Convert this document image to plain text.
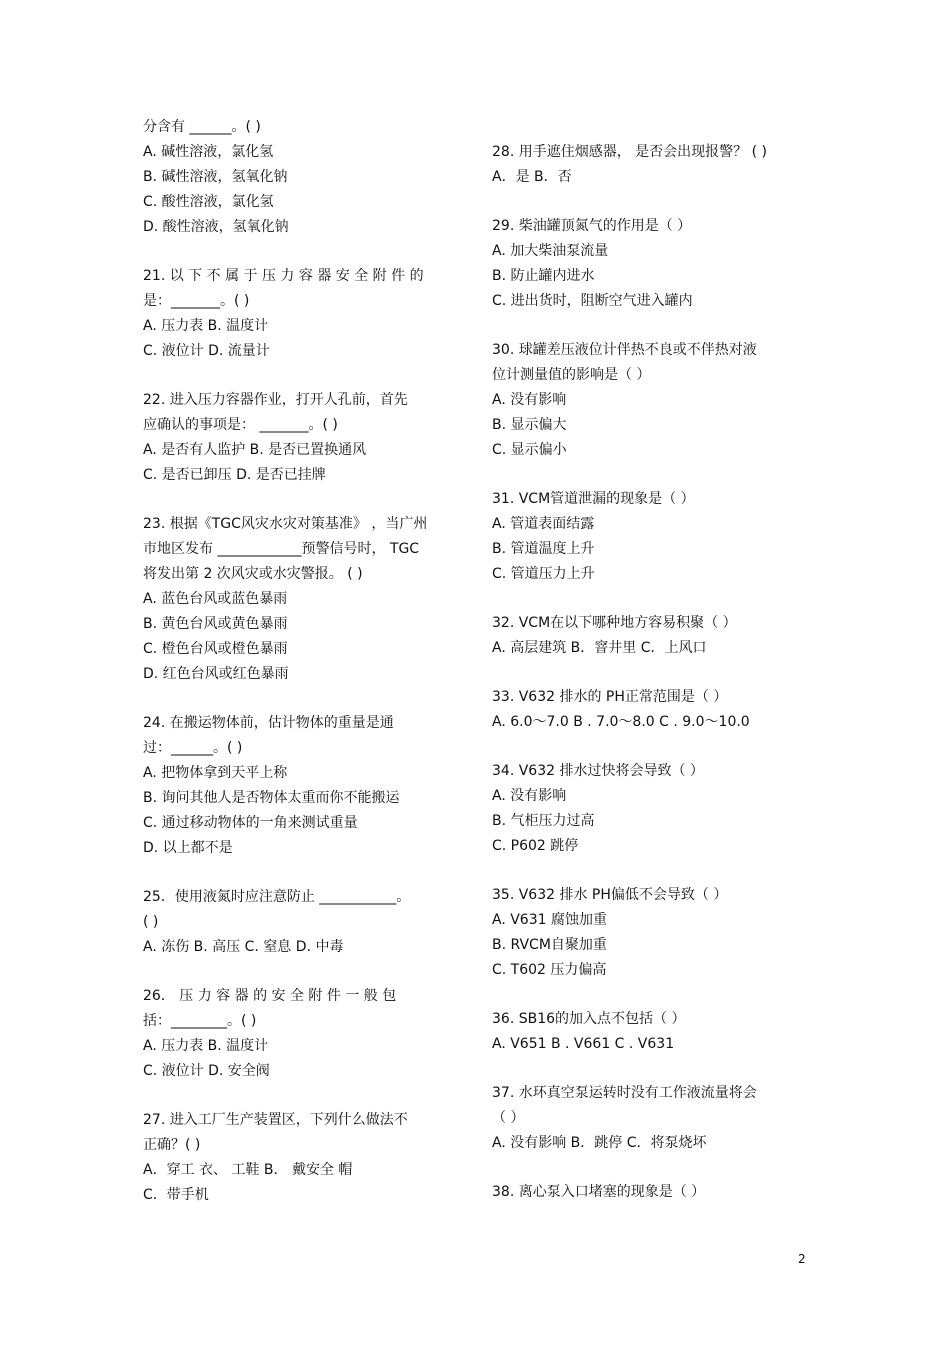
分含有 ______。( )
A. 碱性溶液，氯化氢
B. 碱性溶液，氢氧化钠
C. 酸性溶液，氯化氢
D. 酸性溶液，氢氧化钠
21. 以 下 不 属 于 压 力 容 器 安 全 附 件 的
是：_______。( )
A. 压力表 B. 温度计
C. 液位计 D. 流量计
22. 进入压力容器作业，打开人孔前，首先
应确认的事项是： _______。( )
A. 是否有人监护 B. 是否已置换通风
C. 是否已卸压 D. 是否已挂牌
23. 根据《TGC风灾水灾对策基准》 ，当广州
市地区发布 ____________预警信号时， TGC
将发出第 2 次风灾或水灾警报。 ( )
A. 蓝色台风或蓝色暴雨
B. 黄色台风或黄色暴雨
C. 橙色台风或橙色暴雨
D. 红色台风或红色暴雨
24. 在搬运物体前，估计物体的重量是通
过：______。( )
A. 把物体拿到天平上称
B. 询问其他人是否物体太重而你不能搬运
C. 通过移动物体的一角来测试重量
D. 以上都不是
25．使用液氮时应注意防止 ___________。
( )
A. 冻伤 B. 高压 C. 窒息 D. 中毒
26． 压 力 容 器 的 安 全 附 件 一 般 包
括：________。( )
A. 压力表 B. 温度计
C. 液位计 D. 安全阀
27. 进入工厂生产装置区，下列什么做法不
正确？( )
A．穿工 衣、 工鞋 B． 戴安全 帽
C．带手机
28. 用手遮住烟感器， 是否会出现报警？ ( )
A．是 B．否
29. 柴油罐顶氮气的作用是（ ）
A. 加大柴油泵流量
B. 防止罐内进水
C. 进出货时，阻断空气进入罐内
30. 球罐差压液位计伴热不良或不伴热对液
位计测量值的影响是（ ）
A. 没有影响
B. 显示偏大
C. 显示偏小
31. VCM管道泄漏的现象是（ ）
A. 管道表面结露
B. 管道温度上升
C. 管道压力上升
32. VCM在以下哪种地方容易积聚（ ）
A. 高层建筑 B．窨井里 C．上风口
33. V632 排水的 PH正常范围是（ ）
A. 6.0～7.0 B . 7.0～8.0 C . 9.0～10.0
34. V632 排水过快将会导致（ ）
A. 没有影响
B. 气柜压力过高
C. P602 跳停
35. V632 排水 PH偏低不会导致（ ）
A. V631 腐蚀加重
B. RVCM自聚加重
C. T602 压力偏高
36. SB16的加入点不包括（ ）
A. V651 B . V661 C . V631
37. 水环真空泵运转时没有工作液流量将会
（ ）
A. 没有影响 B．跳停 C．将泵烧坏
38. 离心泵入口堵塞的现象是（ ）
2
